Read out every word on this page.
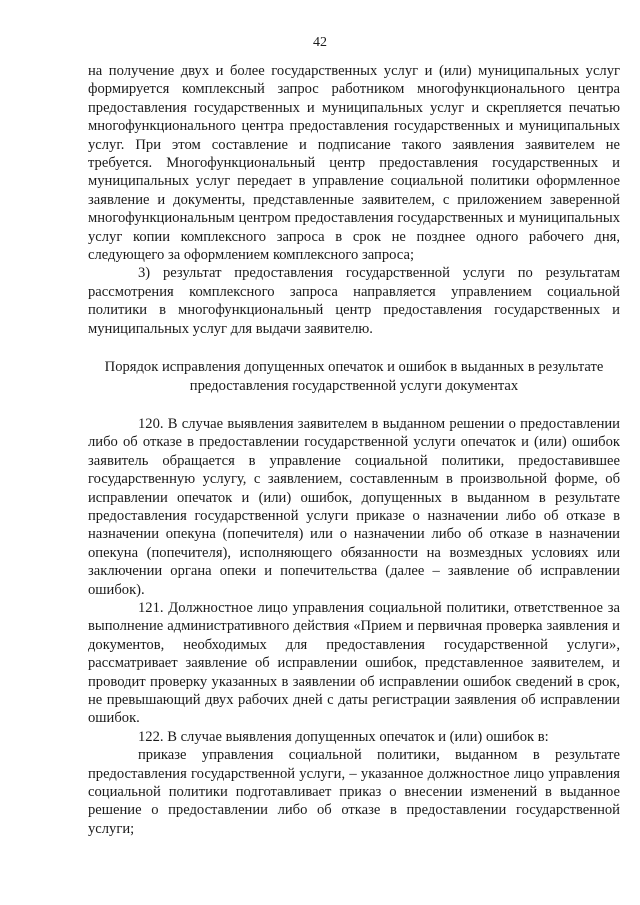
42

на получение двух и более государственных услуг и (или) муниципальных услуг формируется комплексный запрос работником многофункционального центра предоставления государственных и муниципальных услуг и скрепляется печатью многофункционального центра предоставления государственных и муниципальных услуг. При этом составление и подписание такого заявления заявителем не требуется. Многофункциональный центр предоставления государственных и муниципальных услуг передает в управление социальной политики оформленное заявление и документы, представленные заявителем, с приложением заверенной многофункциональным центром предоставления государственных и муниципальных услуг копии комплексного запроса в срок не позднее одного рабочего дня, следующего за оформлением комплексного запроса;

3) результат предоставления государственной услуги по результатам рассмотрения комплексного запроса направляется управлением социальной политики в многофункциональный центр предоставления государственных и муниципальных услуг для выдачи заявителю.

Порядок исправления допущенных опечаток и ошибок в выданных в результате предоставления государственной услуги документах

120. В случае выявления заявителем в выданном решении о предоставлении либо об отказе в предоставлении государственной услуги опечаток и (или) ошибок заявитель обращается в управление социальной политики, предоставившее государственную услугу, с заявлением, составленным в произвольной форме, об исправлении опечаток и (или) ошибок, допущенных в выданном в результате предоставления государственной услуги приказе о назначении либо об отказе в назначении опекуна (попечителя) или о назначении либо об отказе в назначении опекуна (попечителя), исполняющего обязанности на возмездных условиях или заключении органа опеки и попечительства (далее – заявление об исправлении ошибок).

121. Должностное лицо управления социальной политики, ответственное за выполнение административного действия «Прием и первичная проверка заявления и документов, необходимых для предоставления государственной услуги», рассматривает заявление об исправлении ошибок, представленное заявителем, и проводит проверку указанных в заявлении об исправлении ошибок сведений в срок, не превышающий двух рабочих дней с даты регистрации заявления об исправлении ошибок.

122. В случае выявления допущенных опечаток и (или) ошибок в:

приказе управления социальной политики, выданном в результате предоставления государственной услуги, – указанное должностное лицо управления социальной политики подготавливает приказ о внесении изменений в выданное решение о предоставлении либо об отказе в предоставлении государственной услуги;
